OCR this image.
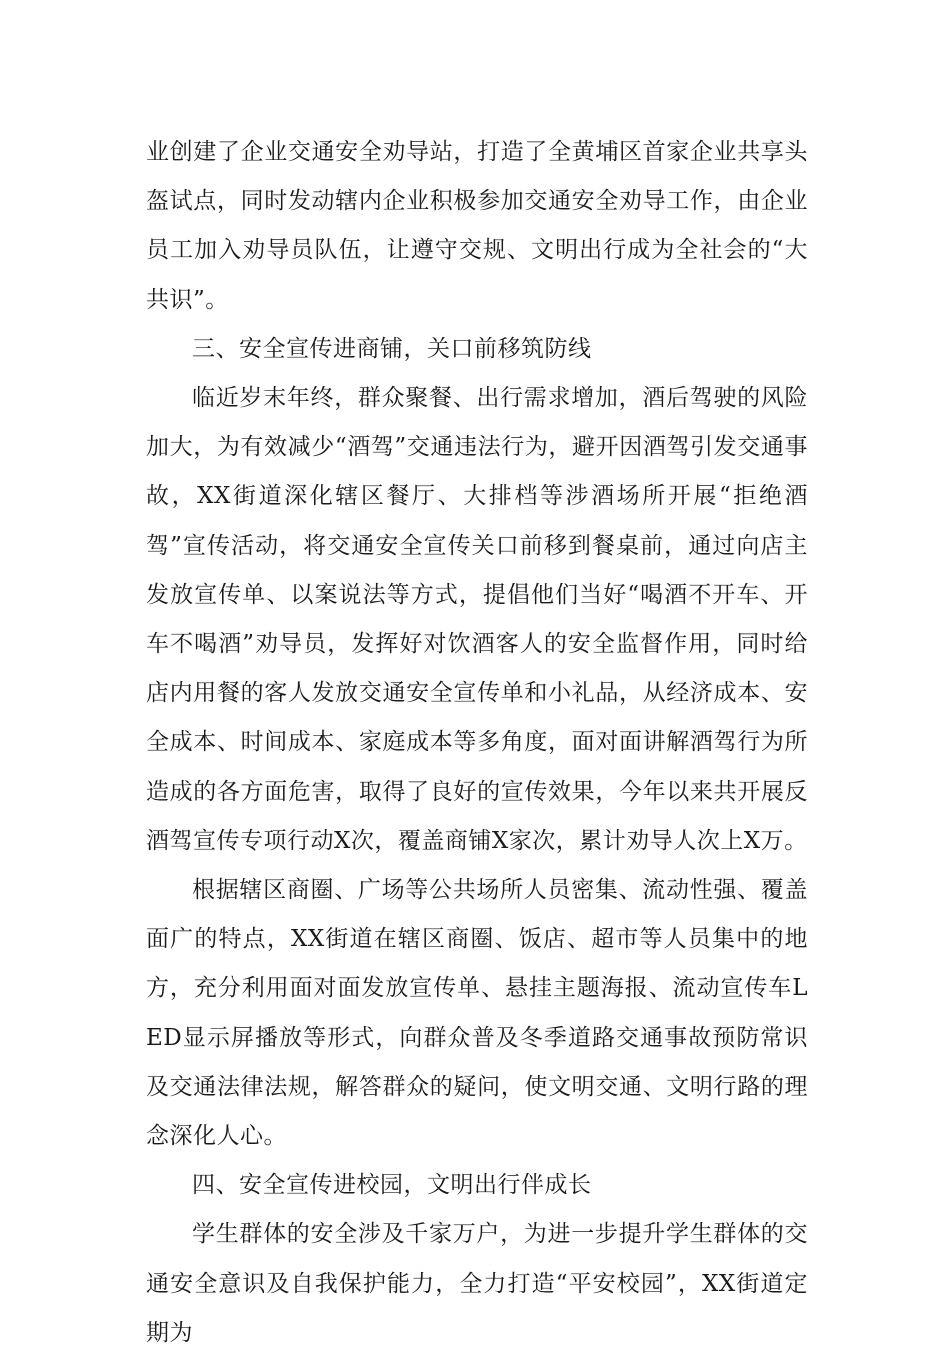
业创建了企业交通安全劝导站，打造了全黄埔区首家企业共享头盔试点，同时发动辖内企业积极参加交通安全劝导工作，由企业员工加入劝导员队伍，让遵守交规、文明出行成为全社会的“大共识”。

三、安全宣传进商铺，关口前移筑防线

临近岁末年终，群众聚餐、出行需求增加，酒后驾驶的风险加大，为有效减少“酒驾”交通违法行为，避开因酒驾引发交通事故，XX街道深化辖区餐厅、大排档等涉酒场所开展“拒绝酒驾”宣传活动，将交通安全宣传关口前移到餐桌前，通过向店主发放宣传单、以案说法等方式，提倡他们当好“喝酒不开车、开车不喝酒”劝导员，发挥好对饮酒客人的安全监督作用，同时给店内用餐的客人发放交通安全宣传单和小礼品，从经济成本、安全成本、时间成本、家庭成本等多角度，面对面讲解酒驾行为所造成的各方面危害，取得了良好的宣传效果，今年以来共开展反酒驾宣传专项行动X次，覆盖商铺X家次，累计劝导人次上X万。

根据辖区商圈、广场等公共场所人员密集、流动性强、覆盖面广的特点，XX街道在辖区商圈、饭店、超市等人员集中的地方，充分利用面对面发放宣传单、悬挂主题海报、流动宣传车LED显示屏播放等形式，向群众普及冬季道路交通事故预防常识及交通法律法规，解答群众的疑问，使文明交通、文明行路的理念深化人心。

四、安全宣传进校园，文明出行伴成长

学生群体的安全涉及千家万户，为进一步提升学生群体的交通安全意识及自我保护能力，全力打造“平安校园”，XX街道定期为
